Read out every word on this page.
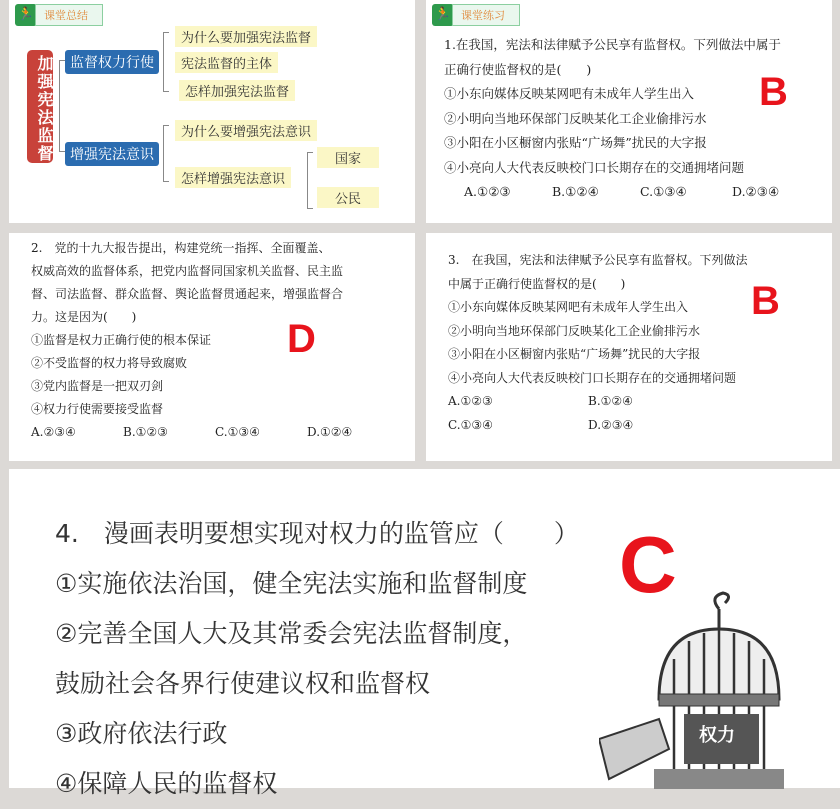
🏃 课堂总结
加强宪法监督	监督权力行使
为什么要加强宪法监督
宪法监督的主体
怎样加强宪法监督
增强宪法意识
为什么要增强宪法意识
怎样增强宪法意识
国家
公民
🏃 课堂练习
1.在我国，宪法和法律赋予公民享有监督权。下列做法中属于
正确行使监督权的是(　　)
①小东向媒体反映某网吧有未成年人学生出入
②小明向当地环保部门反映某化工企业偷排污水
③小阳在小区橱窗内张贴“广场舞”扰民的大字报
④小亮向人大代表反映校门口长期存在的交通拥堵问题
A.①②③	B.①②④	C.①③④	D.②③④
B
2.　党的十九大报告提出，构建党统一指挥、全面覆盖、
权威高效的监督体系，把党内监督同国家机关监督、民主监
督、司法监督、群众监督、舆论监督贯通起来，增强监督合
力。这是因为(　　)
①监督是权力正确行使的根本保证
②不受监督的权力将导致腐败
③党内监督是一把双刃剑
④权力行使需要接受监督
A.②③④	B.①②③	C.①③④	D.①②④
D
3.　在我国，宪法和法律赋予公民享有监督权。下列做法
中属于正确行使监督权的是(　　)
①小东向媒体反映某网吧有未成年人学生出入
②小明向当地环保部门反映某化工企业偷排污水
③小阳在小区橱窗内张贴“广场舞”扰民的大字报
④小亮向人大代表反映校门口长期存在的交通拥堵问题
A.①②③	B.①②④
C.①③④	D.②③④
B
4.　漫画表明要想实现对权力的监管应（　　）
①实施依法治国，健全宪法实施和监督制度
②完善全国人大及其常委会宪法监督制度，
鼓励社会各界行使建议权和监督权
③政府依法行政
④保障人民的监督权
C
权力
